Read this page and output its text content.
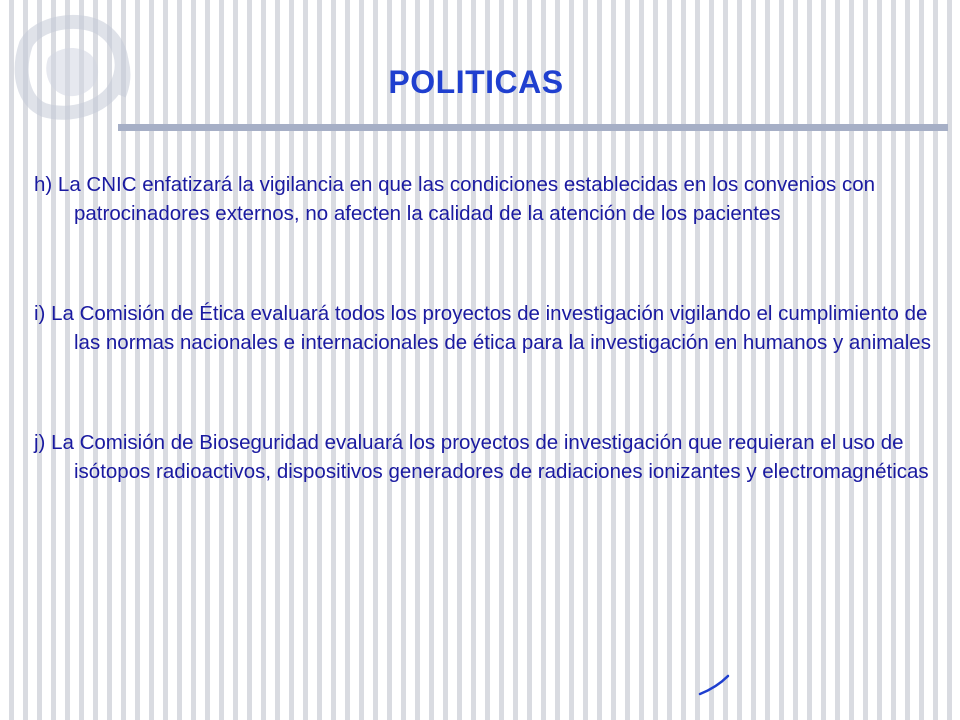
POLITICAS

h) La CNIC enfatizará la vigilancia en que las condiciones establecidas en los convenios con patrocinadores externos, no afecten la calidad de la atención de los pacientes

i) La Comisión de Ética evaluará todos los proyectos de investigación vigilando el cumplimiento de las normas nacionales e internacionales de ética para la investigación en humanos y animales

j) La Comisión de Bioseguridad evaluará los proyectos de investigación que requieran el uso de isótopos radioactivos, dispositivos generadores de radiaciones ionizantes y electromagnéticas
